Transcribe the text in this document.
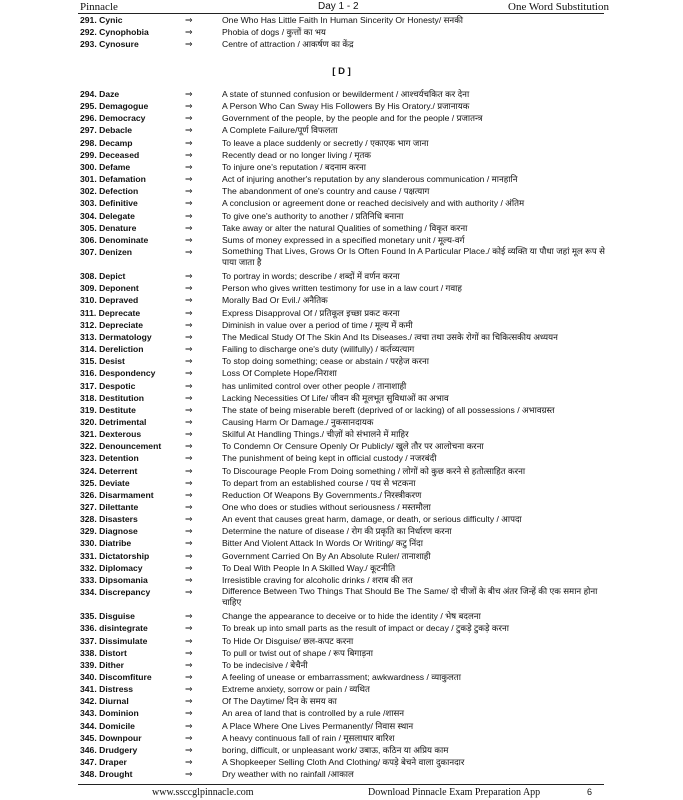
Pinnacle	Day 1 - 2	One Word Substitution
291. Cynic	⇒	One Who Has Little Faith In Human Sincerity Or Honesty/ सनकी
292. Cynophobia	⇒	Phobia of dogs / कुत्तों का भय
293. Cynosure	⇒	Centre of attraction / आकर्षण का केंद्र
[ D ]
294. Daze	⇒	A state of stunned confusion or bewilderment / आश्चर्यचकित कर देना
295. Demagogue	⇒	A Person Who Can Sway His Followers By His Oratory./ प्रजानायक
296. Democracy	⇒	Government of the people, by the people and for the people / प्रजातन्त्र
297. Debacle	⇒	A Complete Failure/पूर्ण विफलता
298. Decamp	⇒	To leave a place suddenly or secretly / एकाएक भाग जाना
299. Deceased	⇒	Recently dead or no longer living / मृतक
300. Defame	⇒	To injure one's reputation / बदनाम करना
301. Defamation	⇒	Act of injuring another's reputation by any slanderous communication / मानहानि
302. Defection	⇒	The abandonment of one's country and cause / पक्षत्याग
303. Definitive	⇒	A conclusion or agreement done or reached decisively and with authority / अंतिम
304. Delegate	⇒	To give one's authority to another / प्रतिनिधि बनाना
305. Denature	⇒	Take away or alter the natural Qualities of something / विकृत करना
306. Denominate	⇒	Sums of money expressed in a specified monetary unit / मूल्य-वर्ग
307. Denizen	⇒	Something That Lives, Grows Or Is Often Found In A Particular Place./ कोई व्यक्ति या पौधा जहां मूल रूप से पाया जाता है
308. Depict	⇒	To portray in words; describe / शब्दों में वर्णन करना
309. Deponent	⇒	Person who gives written testimony for use in a law court / गवाह
310. Depraved	⇒	Morally Bad Or Evil./ अनैतिक
311. Deprecate	⇒	Express Disapproval Of / प्रतिकूल इच्छा प्रकट करना
312. Depreciate	⇒	Diminish in value over a period of time / मूल्य में कमी
313. Dermatology	⇒	The Medical Study Of The Skin And Its Diseases./ त्वचा तथा उसके रोगों का चिकित्सकीय अध्ययन
314. Dereliction	⇒	Failing to discharge one's duty (willfully) / कर्तव्यत्याग
315. Desist	⇒	To stop doing something; cease or abstain / परहेज करना
316. Despondency	⇒	Loss Of Complete Hope/निराशा
317. Despotic	⇒	has unlimited control over other people / तानाशाही
318. Destitution	⇒	Lacking Necessities Of Life/ जीवन की मूलभूत सुविधाओं का अभाव
319. Destitute	⇒	The state of being miserable bereft (deprived of or lacking) of all possessions / अभावग्रस्त
320. Detrimental	⇒	Causing Harm Or Damage./ नुकसानदायक
321. Dexterous	⇒	Skilful At Handling Things./ चीज़ों को संभालने में माहिर
322. Denouncement	⇒	To Condemn Or Censure Openly Or Publicly/ खुले तौर पर आलोचना करना
323. Detention	⇒	The punishment of being kept in official custody / नजरबंदी
324. Deterrent	⇒	To Discourage People From Doing something / लोगों को कुछ करने से हतोत्साहित करना
325. Deviate	⇒	To depart from an established course / पथ से भटकना
326. Disarmament	⇒	Reduction Of Weapons By Governments./ निरस्त्रीकरण
327. Dilettante	⇒	One who does or studies without seriousness / मस्तमौला
328. Disasters	⇒	An event that causes great harm, damage, or death, or serious difficulty / आपदा
329. Diagnose	⇒	Determine the nature of disease / रोग की प्रकृति का निर्धारण करना
330. Diatribe	⇒	Bitter And Violent Attack In Words Or Writing/ कटु निंदा
331. Dictatorship	⇒	Government Carried On By An Absolute Ruler/ तानाशाही
332. Diplomacy	⇒	To Deal With People In A Skilled Way./ कूटनीति
333. Dipsomania	⇒	Irresistible craving for alcoholic drinks / शराब की लत
334. Discrepancy	⇒	Difference Between Two Things That Should Be The Same/ दो चीजों के बीच अंतर जिन्हें की एक समान होना चाहिए
335. Disguise	⇒	Change the appearance to deceive or to hide the identity / भेष बदलना
336. disintegrate	⇒	To break up into small parts as the result of impact or decay / टुकड़े टुकड़े करना
337. Dissimulate	⇒	To Hide Or Disguise/ छल-कपट करना
338. Distort	⇒	To pull or twist out of shape / रूप बिगाड़ना
339. Dither	⇒	To be indecisive / बेचैनी
340. Discomfiture	⇒	A feeling of unease or embarrassment; awkwardness / व्याकुलता
341. Distress	⇒	Extreme anxiety, sorrow or pain / व्यथित
342. Diurnal	⇒	Of The Daytime/ दिन के समय का
343. Dominion	⇒	An area of land that is controlled by a rule /शासन
344. Domicile	⇒	A Place Where One Lives Permanently/ निवास स्थान
345. Downpour	⇒	A heavy continuous fall of rain / मूसलाधार बारिश
346. Drudgery	⇒	boring, difficult, or unpleasant work/ उबाऊ, कठिन या अप्रिय काम
347. Draper	⇒	A Shopkeeper Selling Cloth And Clothing/ कपड़े बेचने वाला दुकानदार
348. Drought	⇒	Dry weather with no rainfall /आकाल
www.ssccglpinnacle.com	Download Pinnacle Exam Preparation App	6
